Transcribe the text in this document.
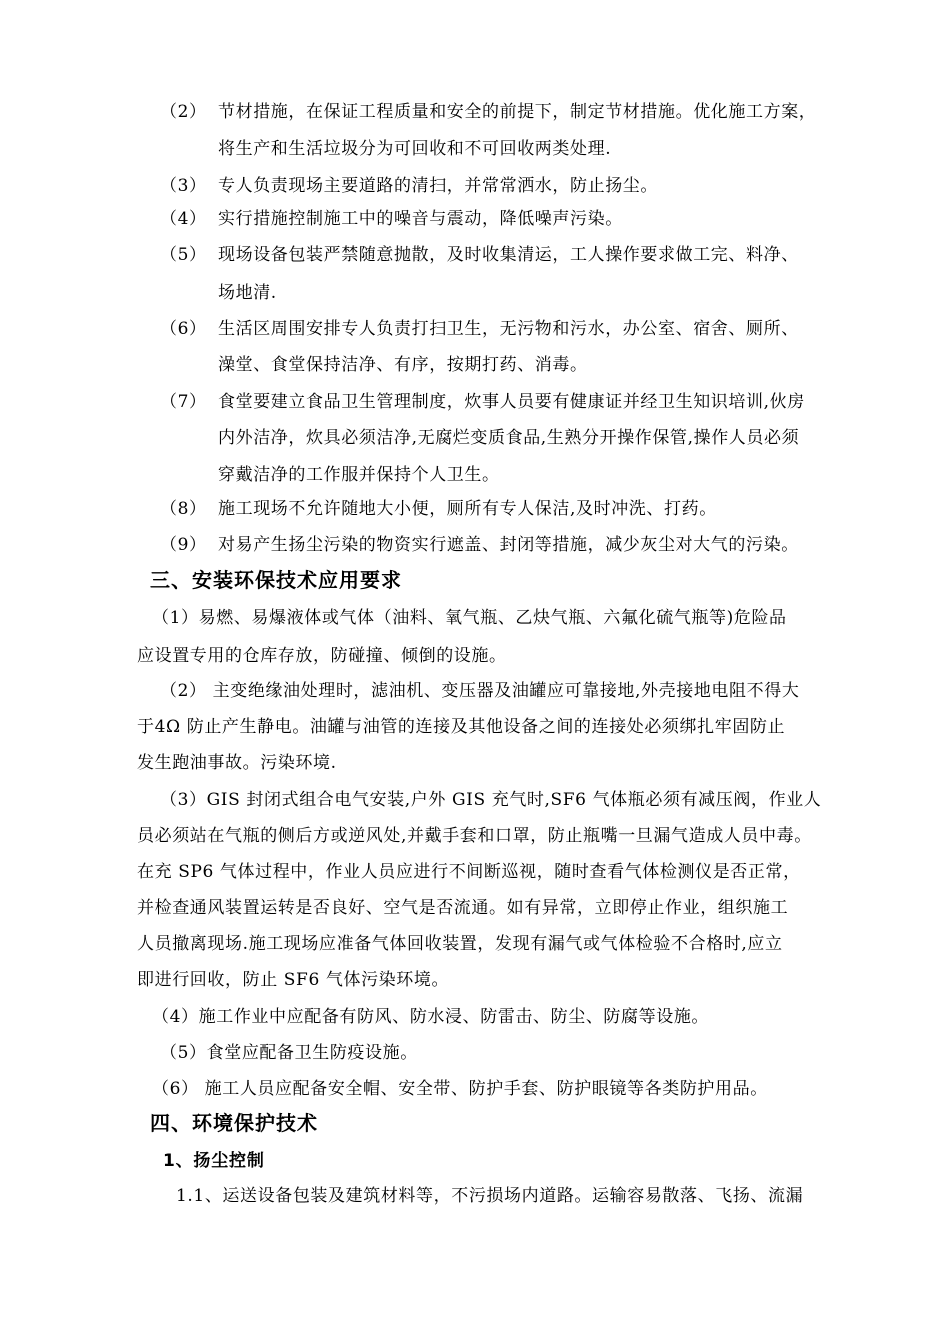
（2） 节材措施，在保证工程质量和安全的前提下，制定节材措施。优化施工方案，
将生产和生活垃圾分为可回收和不可回收两类处理.
（3） 专人负责现场主要道路的清扫，并常常洒水，防止扬尘。
（4） 实行措施控制施工中的噪音与震动，降低噪声污染。
（5） 现场设备包装严禁随意抛散，及时收集清运，工人操作要求做工完、料净、
场地清.
（6） 生活区周围安排专人负责打扫卫生，无污物和污水，办公室、宿舍、厕所、
澡堂、食堂保持洁净、有序，按期打药、消毒。
（7） 食堂要建立食品卫生管理制度，炊事人员要有健康证并经卫生知识培训,伙房
内外洁净，炊具必须洁净,无腐烂变质食品,生熟分开操作保管,操作人员必须
穿戴洁净的工作服并保持个人卫生。
（8） 施工现场不允许随地大小便，厕所有专人保洁,及时冲洗、打药。
（9） 对易产生扬尘污染的物资实行遮盖、封闭等措施，减少灰尘对大气的污染。
三、安装环保技术应用要求
（1）易燃、易爆液体或气体（油料、氧气瓶、乙炔气瓶、六氟化硫气瓶等)危险品
应设置专用的仓库存放，防碰撞、倾倒的设施。
（2） 主变绝缘油处理时，滤油机、变压器及油罐应可靠接地,外壳接地电阻不得大
于4Ω 防止产生静电。油罐与油管的连接及其他设备之间的连接处必须绑扎牢固防止
发生跑油事故。污染环境.
（3）GIS 封闭式组合电气安装,户外 GIS 充气时,SF6 气体瓶必须有减压阀，作业人
员必须站在气瓶的侧后方或逆风处,并戴手套和口罩，防止瓶嘴一旦漏气造成人员中毒。
在充 SP6 气体过程中，作业人员应进行不间断巡视，随时查看气体检测仪是否正常，
并检查通风装置运转是否良好、空气是否流通。如有异常，立即停止作业，组织施工
人员撤离现场.施工现场应准备气体回收装置，发现有漏气或气体检验不合格时,应立
即进行回收，防止 SF6 气体污染环境。
（4）施工作业中应配备有防风、防水浸、防雷击、防尘、防腐等设施。
（5）食堂应配备卫生防疫设施。
（6） 施工人员应配备安全帽、安全带、防护手套、防护眼镜等各类防护用品。
四、环境保护技术
1、扬尘控制
1.1、运送设备包装及建筑材料等，不污损场内道路。运输容易散落、飞扬、流漏
